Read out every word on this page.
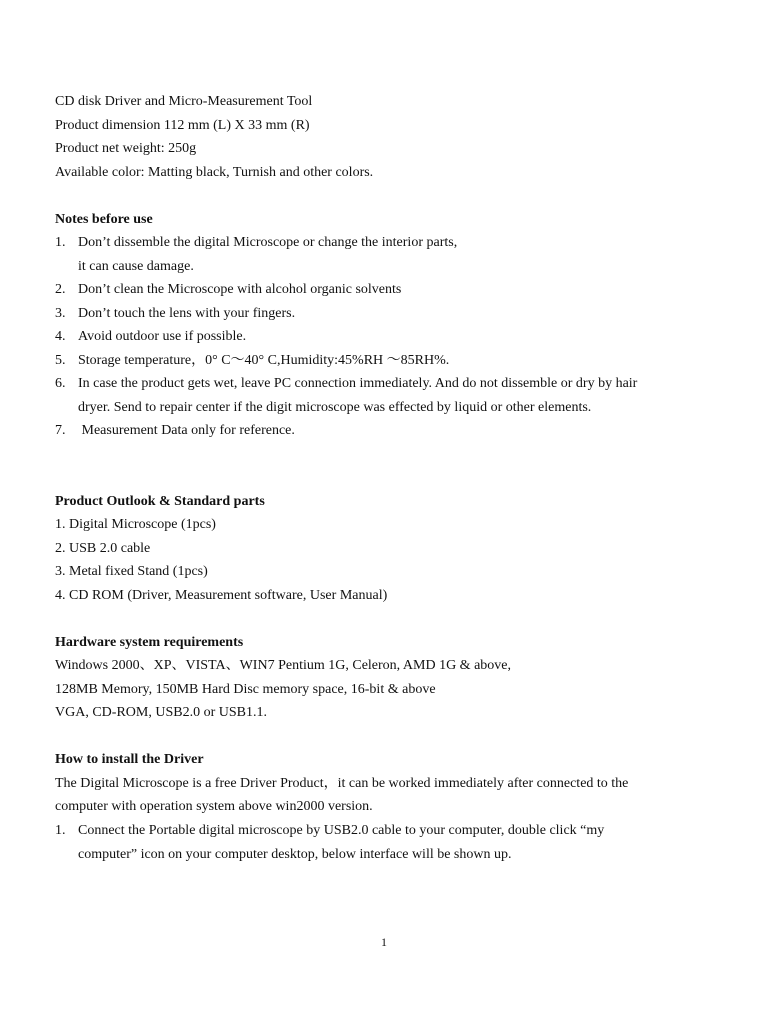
CD disk Driver and Micro-Measurement Tool
Product dimension 112 mm (L) X 33 mm (R)
Product net weight: 250g
Available color: Matting black, Turnish and other colors.
Notes before use
1. Don’t dissemble the digital Microscope or change the interior parts,
it can cause damage.
2. Don’t clean the Microscope with alcohol organic solvents
3. Don’t touch the lens with your fingers.
4. Avoid outdoor use if possible.
5. Storage temperature，0° C～40° C,Humidity:45%RH ～85RH%.
6. In case the product gets wet, leave PC connection immediately. And do not dissemble or dry by hair
dryer. Send to repair center if the digit microscope was effected by liquid or other elements.
7. Measurement Data only for reference.
Product Outlook & Standard parts
1. Digital Microscope (1pcs)
2. USB 2.0 cable
3. Metal fixed Stand (1pcs)
4. CD ROM (Driver, Measurement software, User Manual)
Hardware system requirements
Windows 2000、XP、VISTA、WIN7 Pentium 1G, Celeron, AMD 1G & above,
128MB Memory, 150MB Hard Disc memory space, 16-bit & above
VGA, CD-ROM, USB2.0 or USB1.1.
How to install the Driver
The Digital Microscope is a free Driver Product，it can be worked immediately after connected to the
computer with operation system above win2000 version.
1. Connect the Portable digital microscope by USB2.0 cable to your computer, double click “my
computer” icon on your computer desktop, below interface will be shown up.
1
